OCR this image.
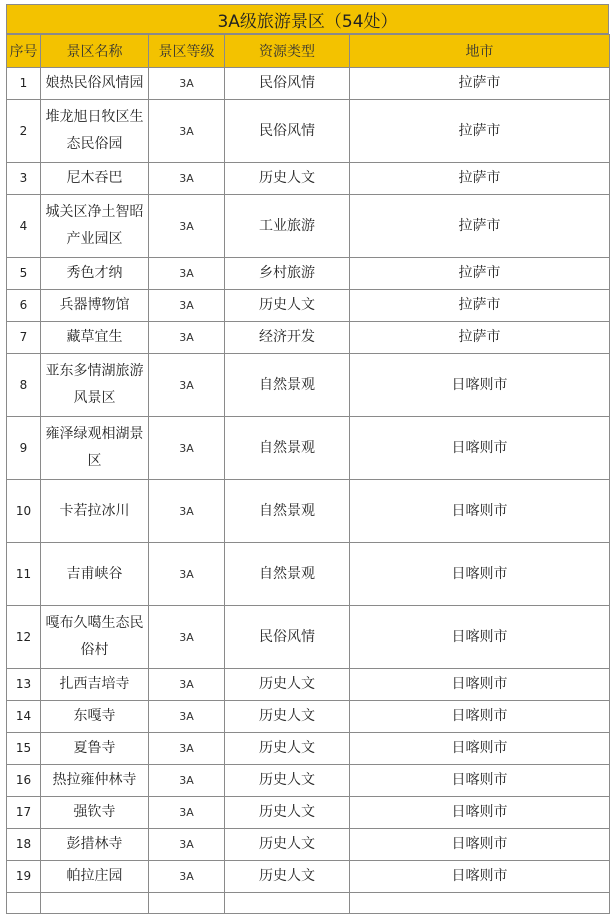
3A级旅游景区（54处）
序号	景区名称	景区等级	资源类型	地市
1	娘热民俗风情园	3A	民俗风情	拉萨市
2	堆龙旭日牧区生态民俗园	3A	民俗风情	拉萨市
3	尼木吞巴	3A	历史人文	拉萨市
4	城关区净土智昭产业园区	3A	工业旅游	拉萨市
5	秀色才纳	3A	乡村旅游	拉萨市
6	兵器博物馆	3A	历史人文	拉萨市
7	藏草宜生	3A	经济开发	拉萨市
8	亚东多情湖旅游风景区	3A	自然景观	日喀则市
9	雍泽绿观相湖景区	3A	自然景观	日喀则市
10	卡若拉冰川	3A	自然景观	日喀则市
11	吉甫峡谷	3A	自然景观	日喀则市
12	嘎布久噶生态民俗村	3A	民俗风情	日喀则市
13	扎西吉培寺	3A	历史人文	日喀则市
14	东嘎寺	3A	历史人文	日喀则市
15	夏鲁寺	3A	历史人文	日喀则市
16	热拉雍仲林寺	3A	历史人文	日喀则市
17	强钦寺	3A	历史人文	日喀则市
18	彭措林寺	3A	历史人文	日喀则市
19	帕拉庄园	3A	历史人文	日喀则市
